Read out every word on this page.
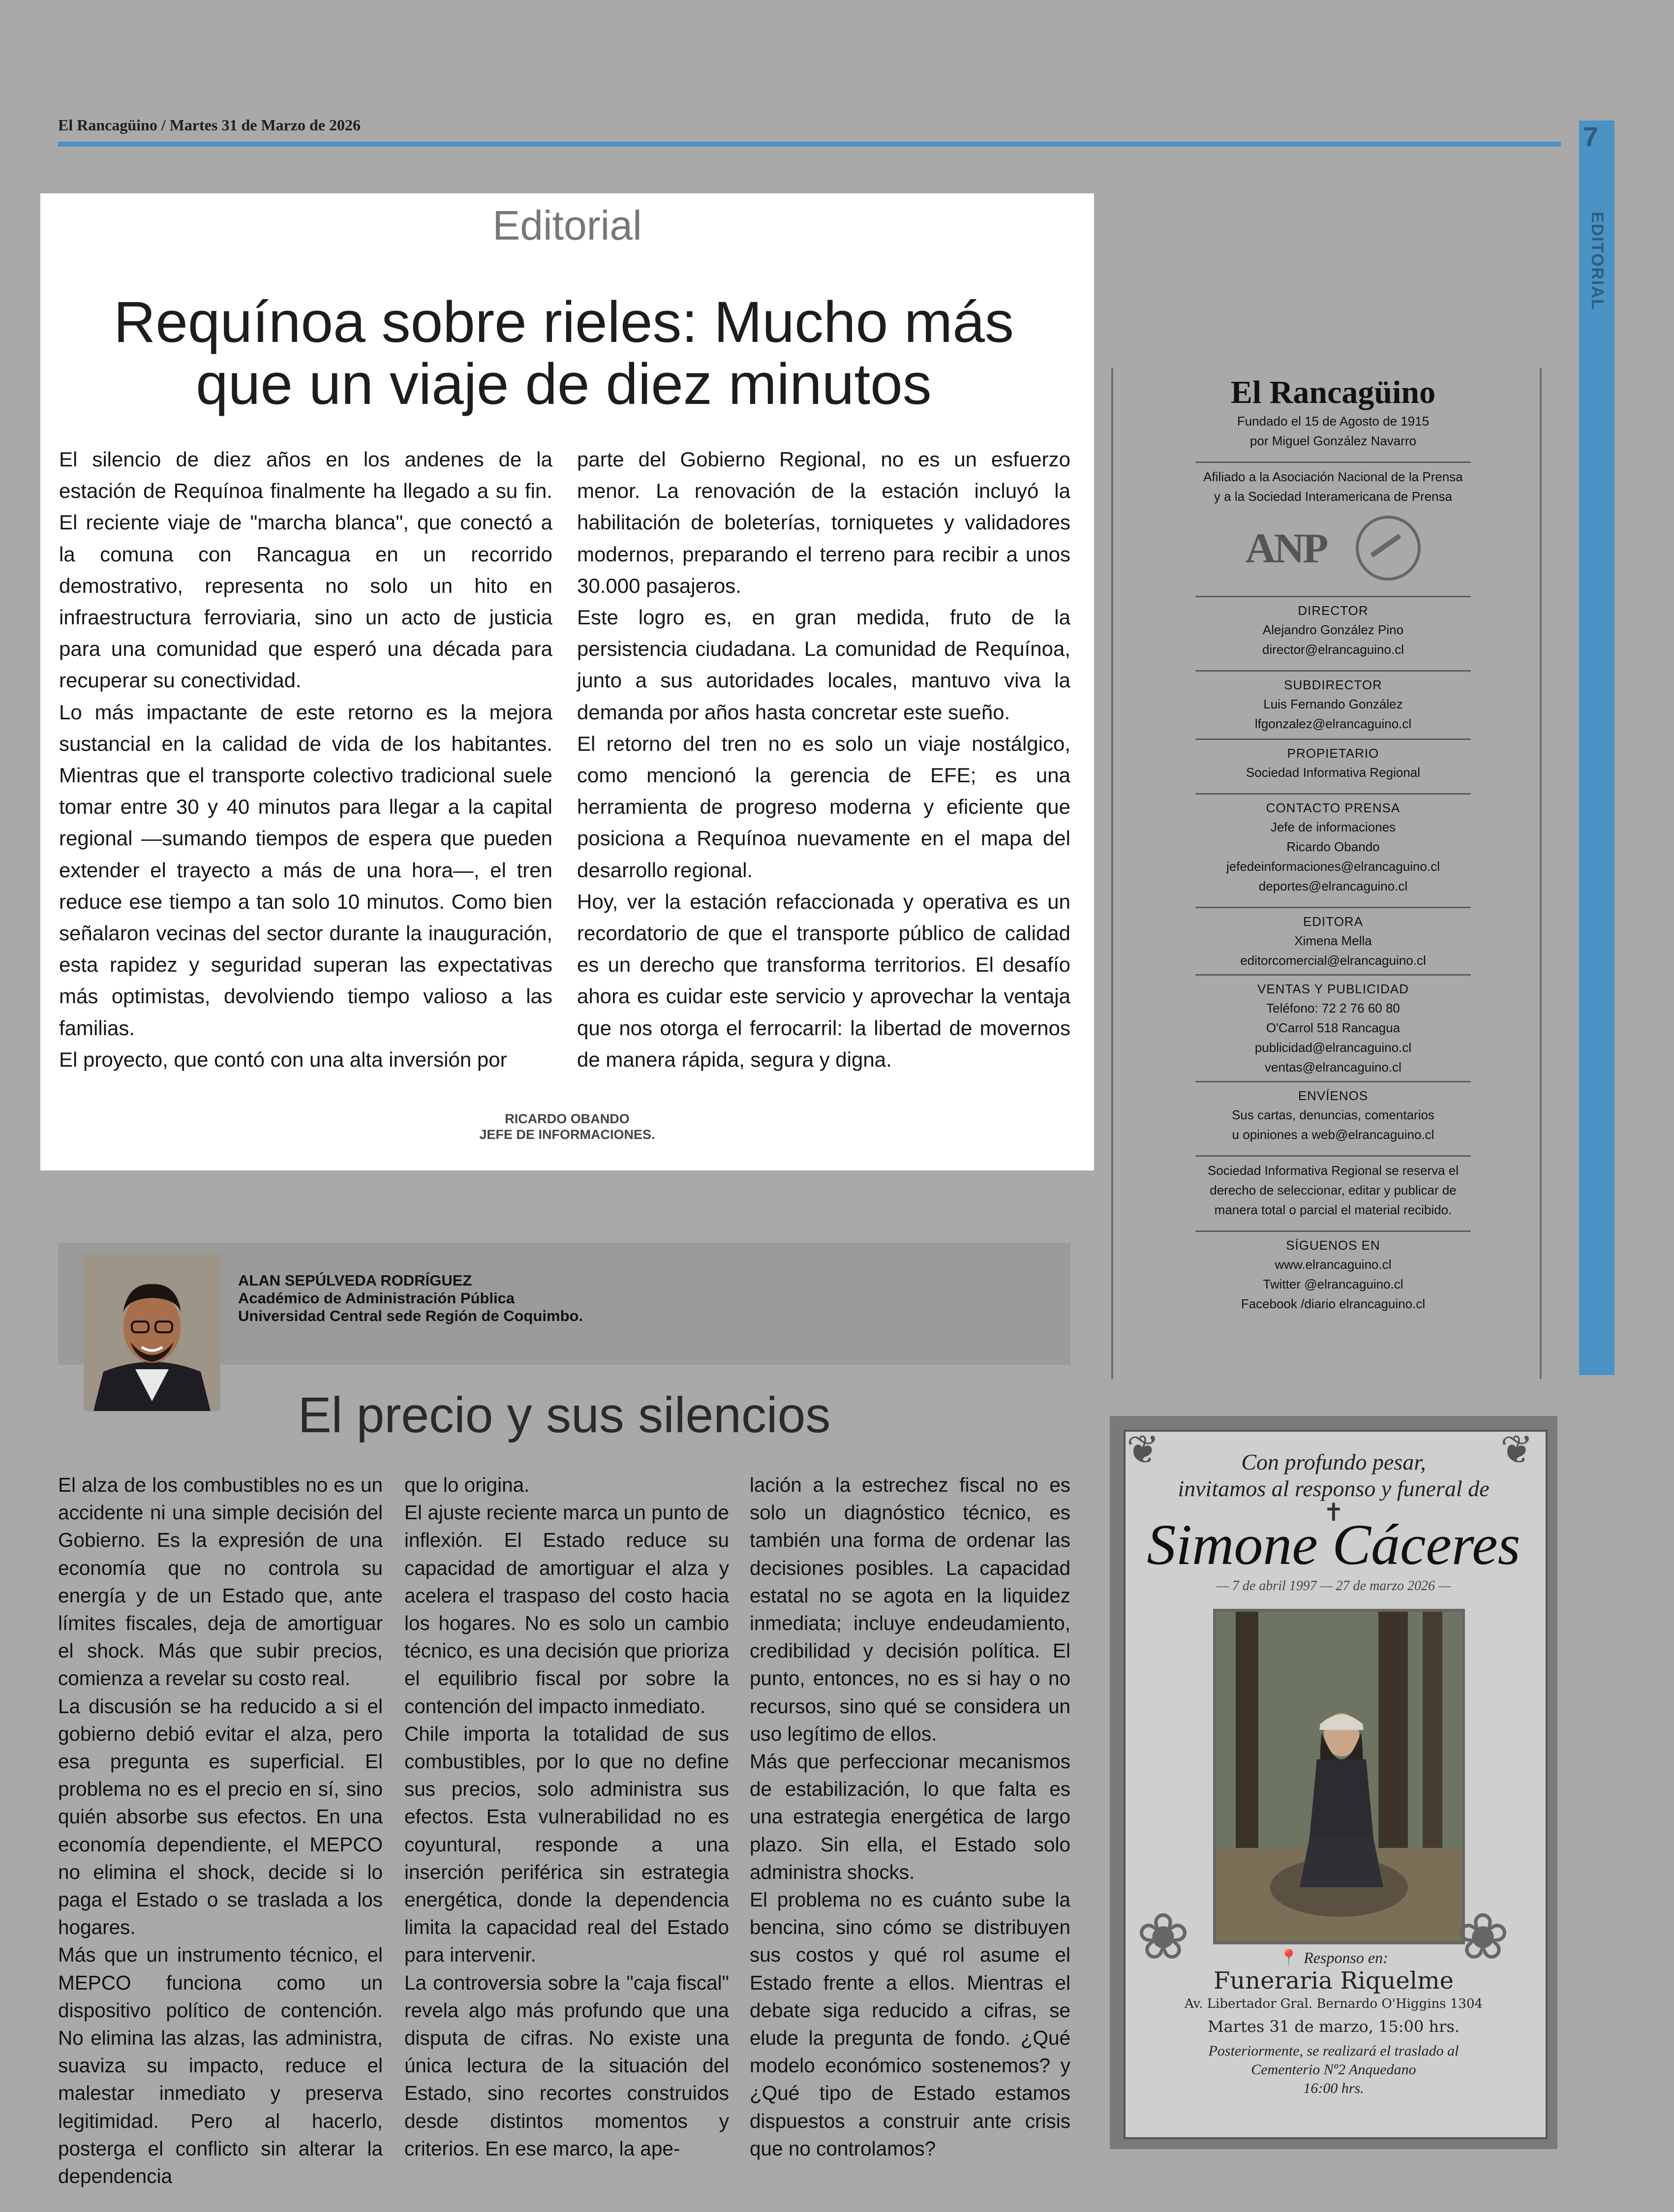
El Rancagüino / Martes 31 de Marzo de 2026	7
EDITORIAL
Editorial
Requínoa sobre rieles: Mucho más
que un viaje de diez minutos

El silencio de diez años en los andenes de la estación de Requínoa finalmente ha llegado a su fin. El reciente viaje de "marcha blanca", que conectó a la comuna con Rancagua en un recorrido demostrativo, representa no solo un hito en infraestructura ferroviaria, sino un acto de justicia para una comunidad que esperó una década para recuperar su conectividad.

Lo más impactante de este retorno es la mejora sustancial en la calidad de vida de los habitantes. Mientras que el transporte colectivo tradicional suele tomar entre 30 y 40 minutos para llegar a la capital regional —sumando tiempos de espera que pueden extender el trayecto a más de una hora—, el tren reduce ese tiempo a tan solo 10 minutos. Como bien señalaron vecinas del sector durante la inauguración, esta rapidez y seguridad superan las expectativas más optimistas, devolviendo tiempo valioso a las familias.

El proyecto, que contó con una alta inversión por

parte del Gobierno Regional, no es un esfuerzo menor. La renovación de la estación incluyó la habilitación de boleterías, torniquetes y validadores modernos, preparando el terreno para recibir a unos 30.000 pasajeros.

Este logro es, en gran medida, fruto de la persistencia ciudadana. La comunidad de Requínoa, junto a sus autoridades locales, mantuvo viva la demanda por años hasta concretar este sueño.

El retorno del tren no es solo un viaje nostálgico, como mencionó la gerencia de EFE; es una herramienta de progreso moderna y eficiente que posiciona a Requínoa nuevamente en el mapa del desarrollo regional.

Hoy, ver la estación refaccionada y operativa es un recordatorio de que el transporte público de calidad es un derecho que transforma territorios. El desafío ahora es cuidar este servicio y aprovechar la ventaja que nos otorga el ferrocarril: la libertad de movernos de manera rápida, segura y digna.

RICARDO OBANDO
JEFE DE INFORMACIONES.
El Rancagüino
Fundado el 15 de Agosto de 1915
por Miguel González Navarro
Afiliado a la Asociación Nacional de la Prensa
y a la Sociedad Interamericana de Prensa
ANP
DIRECTOR
Alejandro González Pino
director@elrancaguino.cl
SUBDIRECTOR
Luis Fernando González
lfgonzalez@elrancaguino.cl
PROPIETARIO
Sociedad Informativa Regional
CONTACTO PRENSA
Jefe de informaciones
Ricardo Obando
jefedeinformaciones@elrancaguino.cl
deportes@elrancaguino.cl
EDITORA
Ximena Mella
editorcomercial@elrancaguino.cl
VENTAS Y PUBLICIDAD
Teléfono: 72 2 76 60 80
O'Carrol 518 Rancagua
publicidad@elrancaguino.cl
ventas@elrancaguino.cl
ENVÍENOS
Sus cartas, denuncias, comentarios
u opiniones a web@elrancaguino.cl
Sociedad Informativa Regional se reserva el
derecho de seleccionar, editar y publicar de
manera total o parcial el material recibido.
SÍGUENOS EN
www.elrancaguino.cl
Twitter @elrancaguino.cl
Facebook /diario elrancaguino.cl
ALAN SEPÚLVEDA RODRÍGUEZ
Académico de Administración Pública
Universidad Central sede Región de Coquimbo.
El precio y sus silencios

El alza de los combustibles no es un accidente ni una simple decisión del Gobierno. Es la expresión de una economía que no controla su energía y de un Estado que, ante límites fiscales, deja de amortiguar el shock. Más que subir precios, comienza a revelar su costo real.

La discusión se ha reducido a si el gobierno debió evitar el alza, pero esa pregunta es superficial. El problema no es el precio en sí, sino quién absorbe sus efectos. En una economía dependiente, el MEPCO no elimina el shock, decide si lo paga el Estado o se traslada a los hogares.

Más que un instrumento técnico, el MEPCO funciona como un dispositivo político de contención. No elimina las alzas, las administra, suaviza su impacto, reduce el malestar inmediato y preserva legitimidad. Pero al hacerlo, posterga el conflicto sin alterar la dependencia

que lo origina.

El ajuste reciente marca un punto de inflexión. El Estado reduce su capacidad de amortiguar el alza y acelera el traspaso del costo hacia los hogares. No es solo un cambio técnico, es una decisión que prioriza el equilibrio fiscal por sobre la contención del impacto inmediato.

Chile importa la totalidad de sus combustibles, por lo que no define sus precios, solo administra sus efectos. Esta vulnerabilidad no es coyuntural, responde a una inserción periférica sin estrategia energética, donde la dependencia limita la capacidad real del Estado para intervenir.

La controversia sobre la "caja fiscal" revela algo más profundo que una disputa de cifras. No existe una única lectura de la situación del Estado, sino recortes construidos desde distintos momentos y criterios. En ese marco, la ape-

lación a la estrechez fiscal no es solo un diagnóstico técnico, es también una forma de ordenar las decisiones posibles. La capacidad estatal no se agota en la liquidez inmediata; incluye endeudamiento, credibilidad y decisión política. El punto, entonces, no es si hay o no recursos, sino qué se considera un uso legítimo de ellos.

Más que perfeccionar mecanismos de estabilización, lo que falta es una estrategia energética de largo plazo. Sin ella, el Estado solo administra shocks.

El problema no es cuánto sube la bencina, sino cómo se distribuyen sus costos y qué rol asume el Estado frente a ellos. Mientras el debate siga reducido a cifras, se elude la pregunta de fondo. ¿Qué modelo económico sostenemos? y ¿Qué tipo de Estado estamos dispuestos a construir ante crisis que no controlamos?

❦	❦
Con profundo pesar,
invitamos al responso y funeral de
✝
Simone Cáceres
— 7 de abril 1997 — 27 de marzo 2026 —
❀	❀
📍 Responso en:
Funeraria Riquelme
Av. Libertador Gral. Bernardo O'Higgins 1304
Martes 31 de marzo, 15:00 hrs.
Posteriormente, se realizará el traslado al
Cementerio Nº2 Anquedano
16:00 hrs.
